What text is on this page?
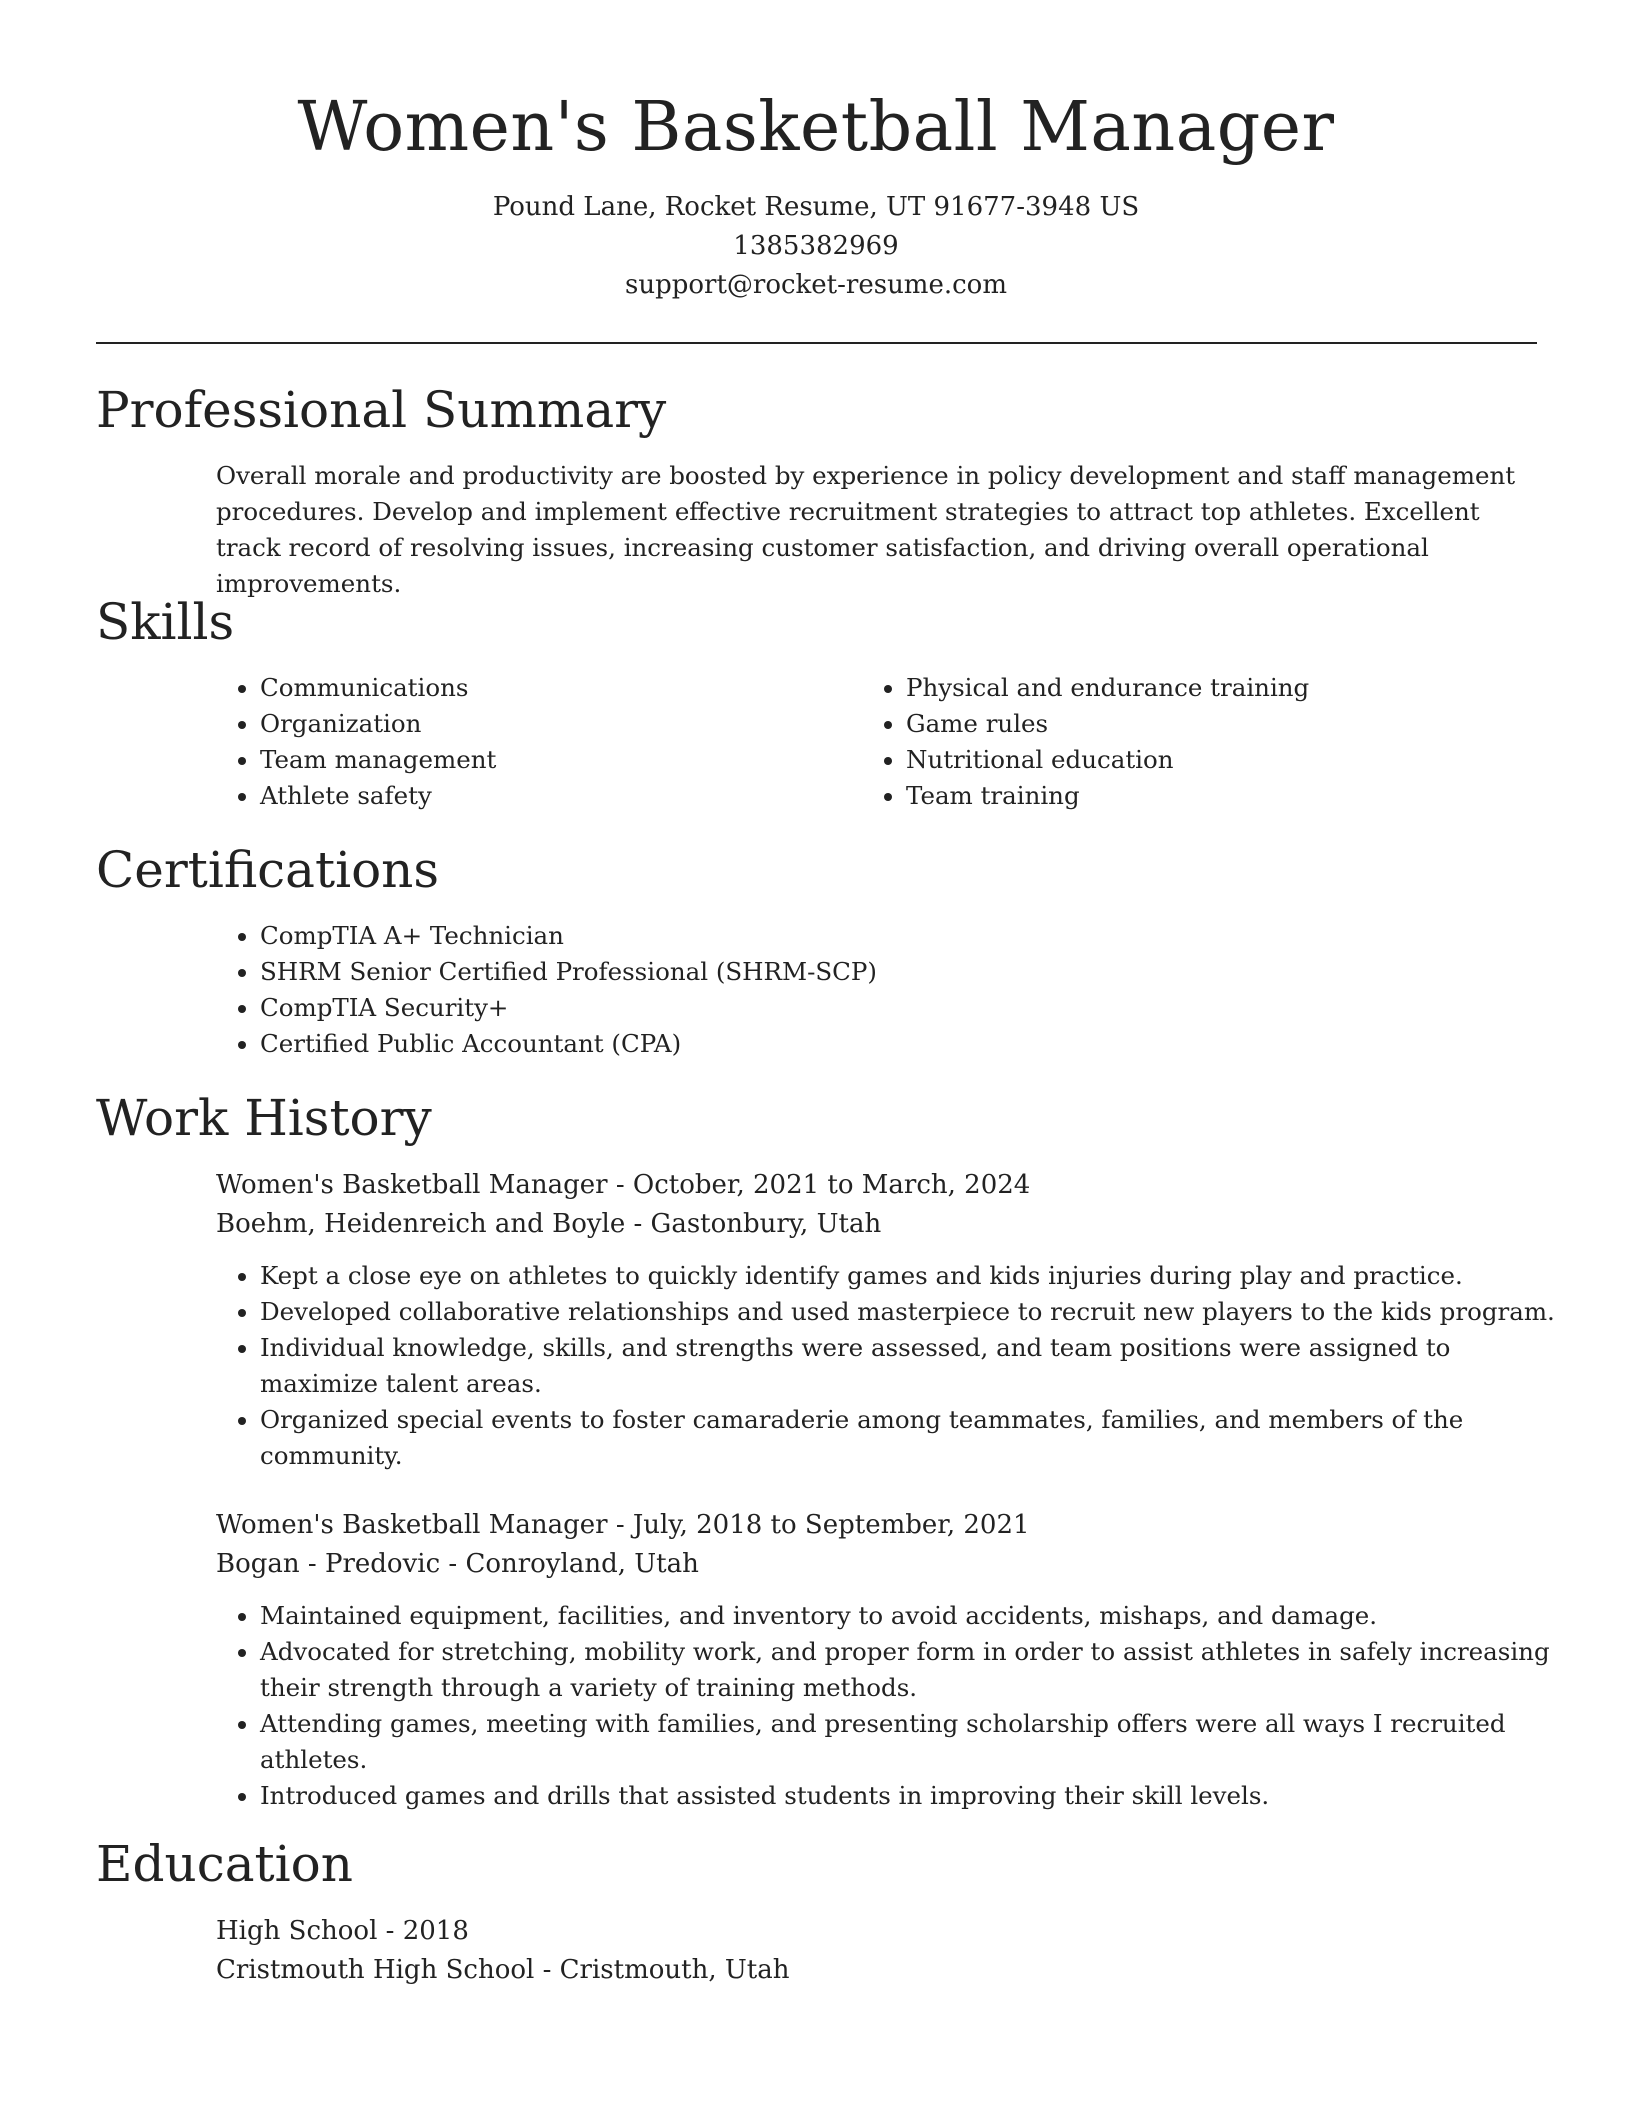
Women's Basketball Manager
Pound Lane, Rocket Resume, UT 91677-3948 US
1385382969
support@rocket-resume.com
Professional Summary
Overall morale and productivity are boosted by experience in policy development and staff management procedures. Develop and implement effective recruitment strategies to attract top athletes. Excellent track record of resolving issues, increasing customer satisfaction, and driving overall operational improvements.
Skills
• Communications
• Organization
• Team management
• Athlete safety
• Physical and endurance training
• Game rules
• Nutritional education
• Team training
Certifications
• CompTIA A+ Technician
• SHRM Senior Certified Professional (SHRM-SCP)
• CompTIA Security+
• Certified Public Accountant (CPA)
Work History
Women's Basketball Manager - October, 2021 to March, 2024
Boehm, Heidenreich and Boyle - Gastonbury, Utah
• Kept a close eye on athletes to quickly identify games and kids injuries during play and practice.
• Developed collaborative relationships and used masterpiece to recruit new players to the kids program.
• Individual knowledge, skills, and strengths were assessed, and team positions were assigned to maximize talent areas.
• Organized special events to foster camaraderie among teammates, families, and members of the community.
Women's Basketball Manager - July, 2018 to September, 2021
Bogan - Predovic - Conroyland, Utah
• Maintained equipment, facilities, and inventory to avoid accidents, mishaps, and damage.
• Advocated for stretching, mobility work, and proper form in order to assist athletes in safely increasing their strength through a variety of training methods.
• Attending games, meeting with families, and presenting scholarship offers were all ways I recruited athletes.
• Introduced games and drills that assisted students in improving their skill levels.
Education
High School - 2018
Cristmouth High School - Cristmouth, Utah
